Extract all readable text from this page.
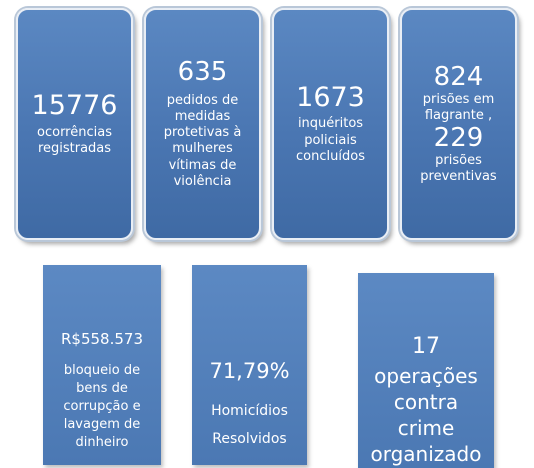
15776
ocorrências registradas
635
pedidos de medidas protetivas à mulheres vítimas de violência
1673
inquéritos policiais concluídos
824
prisões em flagrante ,
229
prisões preventivas
R$558.573
bloqueio de bens de corrupção e lavagem de dinheiro
71,79%
Homicídios Resolvidos
17
operações contra crime organizado
